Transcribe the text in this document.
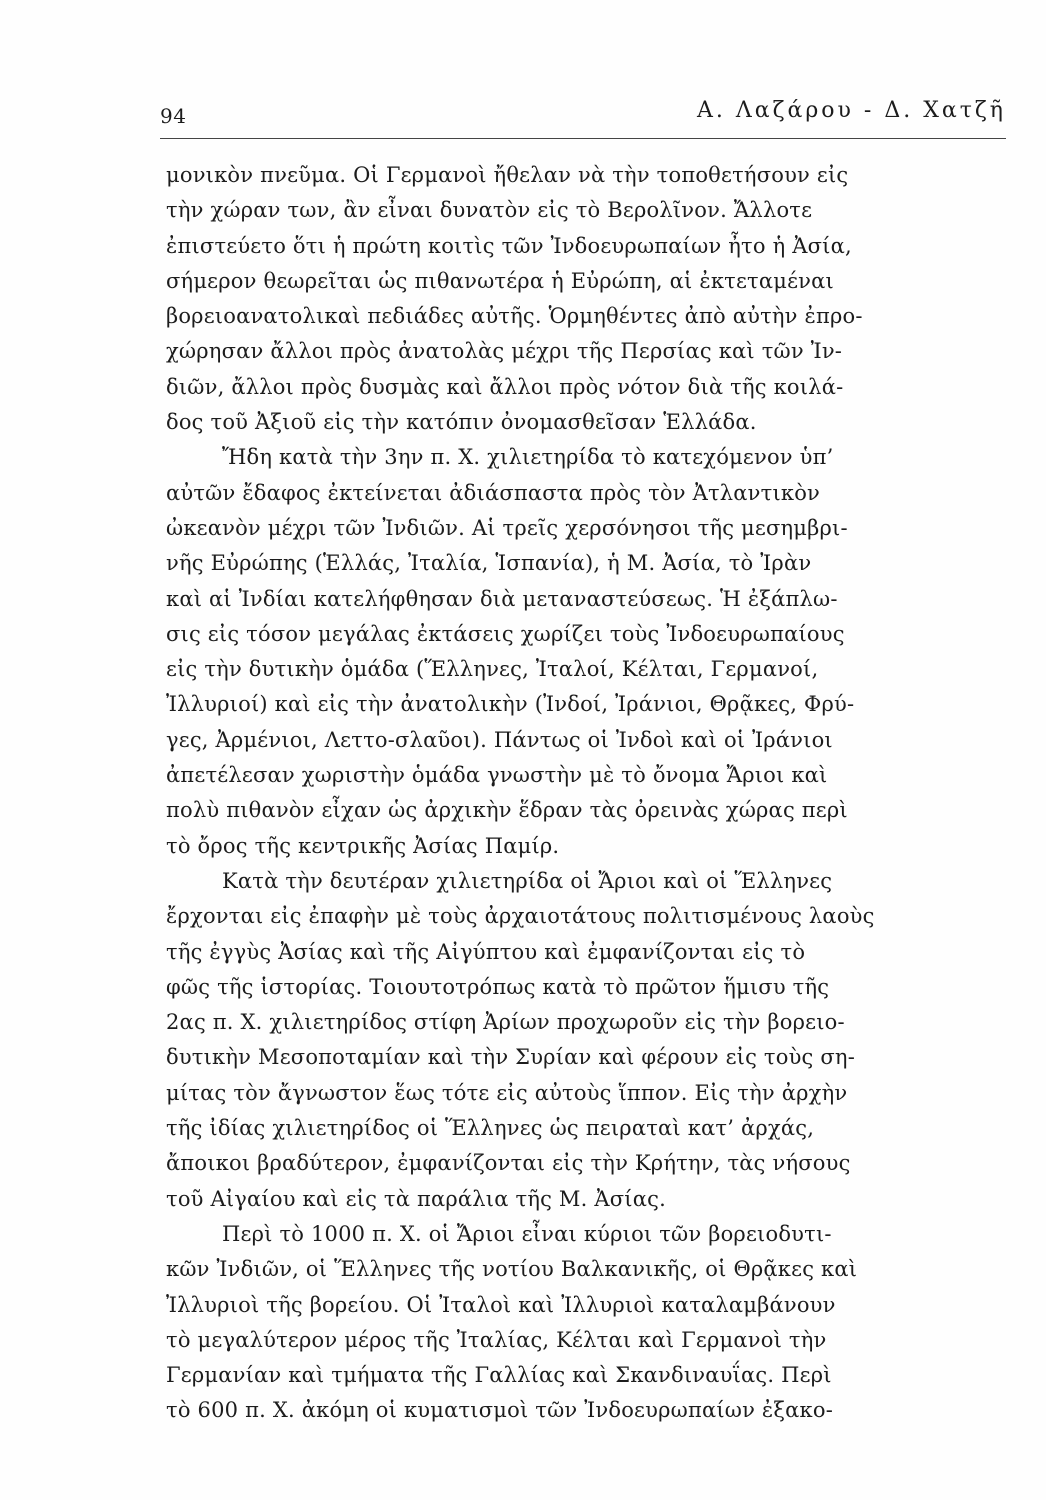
94	Α. Λαζάρου - Δ. Χατζῆ
μονικὸν πνεῦμα. Οἱ Γερμανοὶ ἤθελαν νὰ τὴν τοποθετήσουν εἰς
τὴν χώραν των, ἂν εἶναι δυνατὸν εἰς τὸ Βερολῖνον. Ἄλλοτε
ἐπιστεύετο ὅτι ἡ πρώτη κοιτὶς τῶν Ἰνδοευρωπαίων ἦτο ἡ Ἀσία,
σήμερον θεωρεῖται ὡς πιθανωτέρα ἡ Εὐρώπη, αἱ ἐκτεταμέναι
βορειοανατολικαὶ πεδιάδες αὐτῆς. Ὁρμηθέντες ἀπὸ αὐτὴν ἐπρο-
χώρησαν ἄλλοι πρὸς ἀνατολὰς μέχρι τῆς Περσίας καὶ τῶν Ἰν-
διῶν, ἄλλοι πρὸς δυσμὰς καὶ ἄλλοι πρὸς νότον διὰ τῆς κοιλά-
δος τοῦ Ἀξιοῦ εἰς τὴν κατόπιν ὀνομασθεῖσαν Ἑλλάδα.
Ἤδη κατὰ τὴν 3ην π. Χ. χιλιετηρίδα τὸ κατεχόμενον ὑπ’
αὐτῶν ἔδαφος ἐκτείνεται ἀδιάσπαστα πρὸς τὸν Ἀτλαντικὸν
ὠκεανὸν μέχρι τῶν Ἰνδιῶν. Αἱ τρεῖς χερσόνησοι τῆς μεσημβρι-
νῆς Εὐρώπης (Ἑλλάς, Ἰταλία, Ἱσπανία), ἡ Μ. Ἀσία, τὸ Ἰρὰν
καὶ αἱ Ἰνδίαι κατελήφθησαν διὰ μεταναστεύσεως. Ἡ ἐξάπλω-
σις εἰς τόσον μεγάλας ἐκτάσεις χωρίζει τοὺς Ἰνδοευρωπαίους
εἰς τὴν δυτικὴν ὁμάδα (Ἕλληνες, Ἰταλοί, Κέλται, Γερμανοί,
Ἰλλυριοί) καὶ εἰς τὴν ἀνατολικὴν (Ἰνδοί, Ἰράνιοι, Θρᾷκες, Φρύ-
γες, Ἀρμένιοι, Λεττο-σλαῦοι). Πάντως οἱ Ἰνδοὶ καὶ οἱ Ἰράνιοι
ἀπετέλεσαν χωριστὴν ὁμάδα γνωστὴν μὲ τὸ ὄνομα Ἄριοι καὶ
πολὺ πιθανὸν εἶχαν ὡς ἀρχικὴν ἕδραν τὰς ὀρεινὰς χώρας περὶ
τὸ ὄρος τῆς κεντρικῆς Ἀσίας Παμίρ.
Κατὰ τὴν δευτέραν χιλιετηρίδα οἱ Ἄριοι καὶ οἱ Ἕλληνες
ἔρχονται εἰς ἐπαφὴν μὲ τοὺς ἀρχαιοτάτους πολιτισμένους λαοὺς
τῆς ἐγγὺς Ἀσίας καὶ τῆς Αἰγύπτου καὶ ἐμφανίζονται εἰς τὸ
φῶς τῆς ἱστορίας. Τοιουτοτρόπως κατὰ τὸ πρῶτον ἥμισυ τῆς
2ας π. Χ. χιλιετηρίδος στίφη Ἀρίων προχωροῦν εἰς τὴν βορειο-
δυτικὴν Μεσοποταμίαν καὶ τὴν Συρίαν καὶ φέρουν εἰς τοὺς ση-
μίτας τὸν ἄγνωστον ἕως τότε εἰς αὐτοὺς ἵππον. Εἰς τὴν ἀρχὴν
τῆς ἰδίας χιλιετηρίδος οἱ Ἕλληνες ὡς πειραταὶ κατ’ ἀρχάς,
ἄποικοι βραδύτερον, ἐμφανίζονται εἰς τὴν Κρήτην, τὰς νήσους
τοῦ Αἰγαίου καὶ εἰς τὰ παράλια τῆς Μ. Ἀσίας.
Περὶ τὸ 1000 π. Χ. οἱ Ἄριοι εἶναι κύριοι τῶν βορειοδυτι-
κῶν Ἰνδιῶν, οἱ Ἕλληνες τῆς νοτίου Βαλκανικῆς, οἱ Θρᾷκες καὶ
Ἰλλυριοὶ τῆς βορείου. Οἱ Ἰταλοὶ καὶ Ἰλλυριοὶ καταλαμβάνουν
τὸ μεγαλύτερον μέρος τῆς Ἰταλίας, Κέλται καὶ Γερμανοὶ τὴν
Γερμανίαν καὶ τμήματα τῆς Γαλλίας καὶ Σκανδιναυΐας. Περὶ
τὸ 600 π. Χ. ἀκόμη οἱ κυματισμοὶ τῶν Ἰνδοευρωπαίων ἐξακο-
